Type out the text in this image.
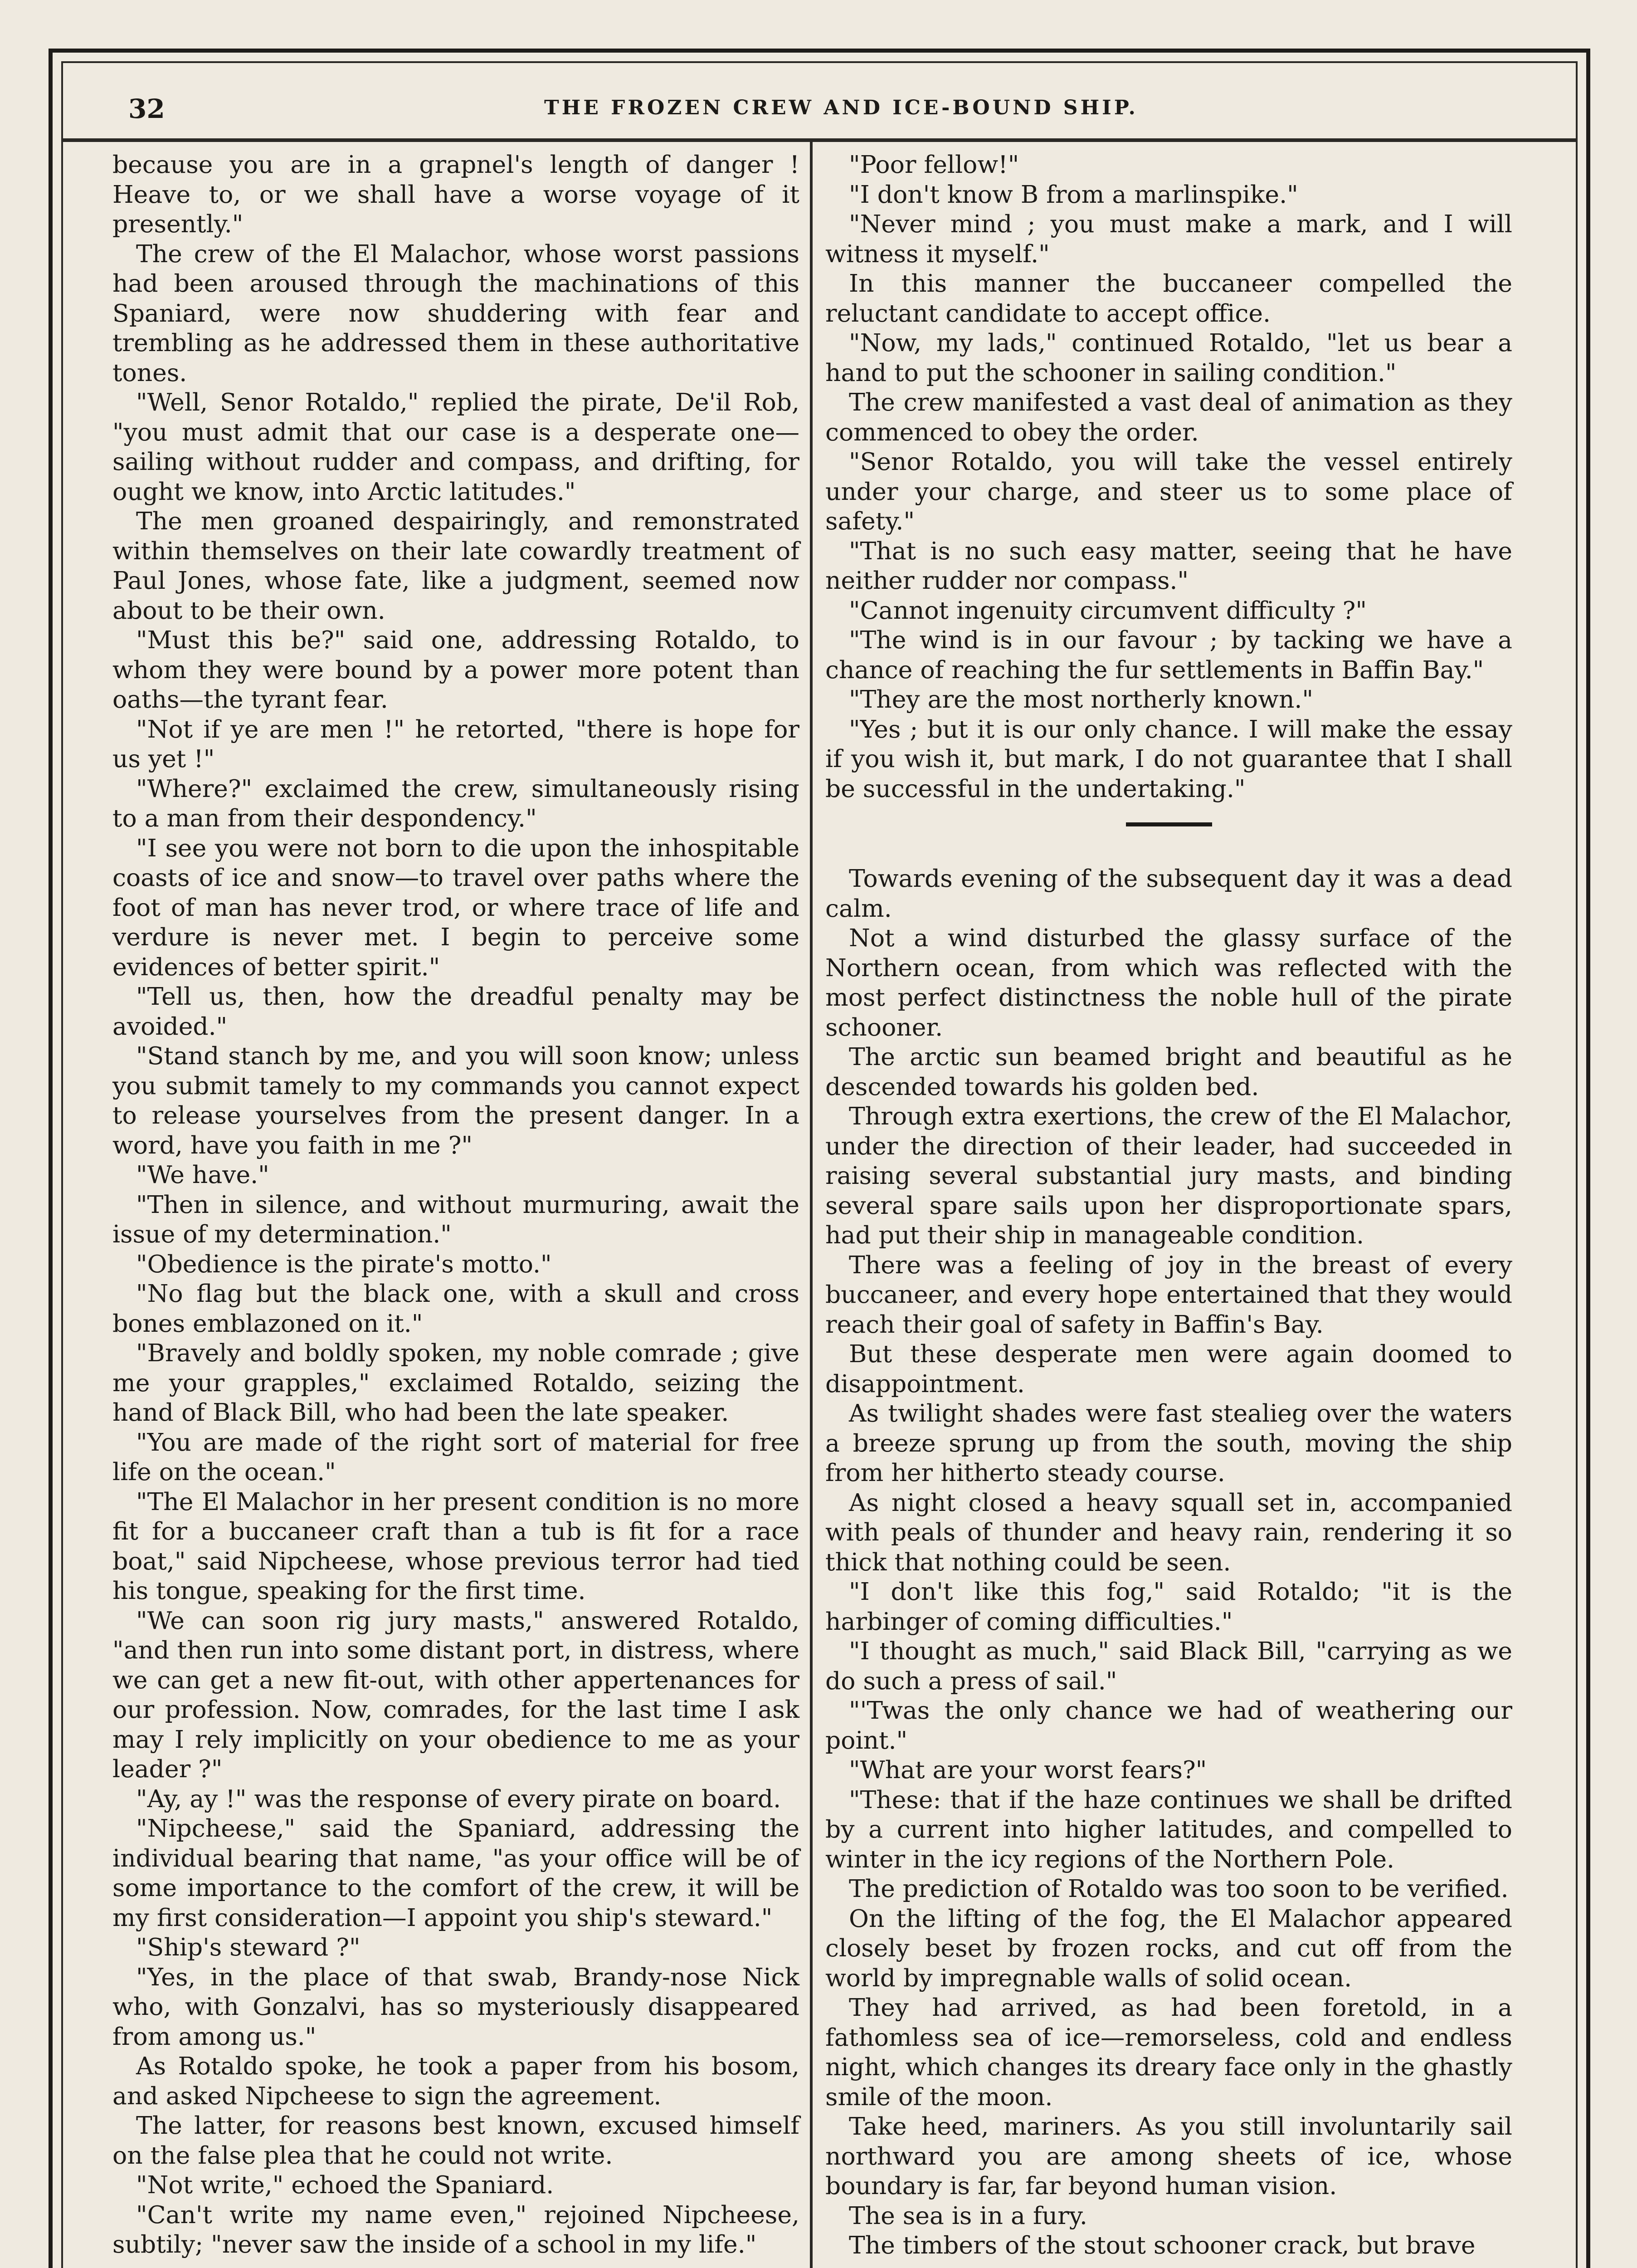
32	THE FROZEN CREW AND ICE-BOUND SHIP.

because you are in a grapnel's length of danger ! Heave to, or we shall have a worse voyage of it presently."

The crew of the El Malachor, whose worst passions had been aroused through the machinations of this Spaniard, were now shuddering with fear and trembling as he addressed them in these authoritative tones.

"Well, Senor Rotaldo," replied the pirate, De'il Rob, "you must admit that our case is a desperate one—sailing without rudder and compass, and drifting, for ought we know, into Arctic latitudes."

The men groaned despairingly, and remonstrated within themselves on their late cowardly treatment of Paul Jones, whose fate, like a judgment, seemed now about to be their own.

"Must this be?" said one, addressing Rotaldo, to whom they were bound by a power more potent than oaths—the tyrant fear.

"Not if ye are men !" he retorted, "there is hope for us yet !"

"Where?" exclaimed the crew, simultaneously rising to a man from their despondency."

"I see you were not born to die upon the inhospitable coasts of ice and snow—to travel over paths where the foot of man has never trod, or where trace of life and verdure is never met. I begin to perceive some evidences of better spirit."

"Tell us, then, how the dreadful penalty may be avoided."

"Stand stanch by me, and you will soon know; unless you submit tamely to my commands you cannot expect to release yourselves from the present danger. In a word, have you faith in me ?"

"We have."

"Then in silence, and without murmuring, await the issue of my determination."

"Obedience is the pirate's motto."

"No flag but the black one, with a skull and cross bones emblazoned on it."

"Bravely and boldly spoken, my noble comrade ; give me your grapples," exclaimed Rotaldo, seizing the hand of Black Bill, who had been the late speaker.

"You are made of the right sort of material for free life on the ocean."

"The El Malachor in her present condition is no more fit for a buccaneer craft than a tub is fit for a race boat," said Nipcheese, whose previous terror had tied his tongue, speaking for the first time.

"We can soon rig jury masts," answered Rotaldo, "and then run into some distant port, in distress, where we can get a new fit-out, with other appertenances for our profession. Now, comrades, for the last time I ask may I rely implicitly on your obedience to me as your leader ?"

"Ay, ay !" was the response of every pirate on board.

"Nipcheese," said the Spaniard, addressing the individual bearing that name, "as your office will be of some importance to the comfort of the crew, it will be my first consideration—I appoint you ship's steward."

"Ship's steward ?"

"Yes, in the place of that swab, Brandy-nose Nick who, with Gonzalvi, has so mysteriously disappeared from among us."

As Rotaldo spoke, he took a paper from his bosom, and asked Nipcheese to sign the agreement.

The latter, for reasons best known, excused himself on the false plea that he could not write.

"Not write," echoed the Spaniard.

"Can't write my name even," rejoined Nipcheese, subtily; "never saw the inside of a school in my life."

"Poor fellow!"

"I don't know B from a marlinspike."

"Never mind ; you must make a mark, and I will witness it myself."

In this manner the buccaneer compelled the reluctant candidate to accept office.

"Now, my lads," continued Rotaldo, "let us bear a hand to put the schooner in sailing condition."

The crew manifested a vast deal of animation as they commenced to obey the order.

"Senor Rotaldo, you will take the vessel entirely under your charge, and steer us to some place of safety."

"That is no such easy matter, seeing that he have neither rudder nor compass."

"Cannot ingenuity circumvent difficulty ?"

"The wind is in our favour ; by tacking we have a chance of reaching the fur settlements in Baffin Bay."

"They are the most northerly known."

"Yes ; but it is our only chance. I will make the essay if you wish it, but mark, I do not guarantee that I shall be successful in the undertaking."

Towards evening of the subsequent day it was a dead calm.

Not a wind disturbed the glassy surface of the Northern ocean, from which was reflected with the most perfect distinctness the noble hull of the pirate schooner.

The arctic sun beamed bright and beautiful as he descended towards his golden bed.

Through extra exertions, the crew of the El Malachor, under the direction of their leader, had succeeded in raising several substantial jury masts, and binding several spare sails upon her disproportionate spars, had put their ship in manageable condition.

There was a feeling of joy in the breast of every buccaneer, and every hope entertained that they would reach their goal of safety in Baffin's Bay.

But these desperate men were again doomed to disappointment.

As twilight shades were fast stealieg over the waters a breeze sprung up from the south, moving the ship from her hitherto steady course.

As night closed a heavy squall set in, accompanied with peals of thunder and heavy rain, rendering it so thick that nothing could be seen.

"I don't like this fog," said Rotaldo; "it is the harbinger of coming difficulties."

"I thought as much," said Black Bill, "carrying as we do such a press of sail."

"'Twas the only chance we had of weathering our point."

"What are your worst fears?"

"These: that if the haze continues we shall be drifted by a current into higher latitudes, and compelled to winter in the icy regions of the Northern Pole.

The prediction of Rotaldo was too soon to be verified.

On the lifting of the fog, the El Malachor appeared closely beset by frozen rocks, and cut off from the world by impregnable walls of solid ocean.

They had arrived, as had been foretold, in a fathomless sea of ice—remorseless, cold and endless night, which changes its dreary face only in the ghastly smile of the moon.

Take heed, mariners. As you still involuntarily sail northward you are among sheets of ice, whose boundary is far, far beyond human vision.

The sea is in a fury.

The timbers of the stout schooner crack, but brave
